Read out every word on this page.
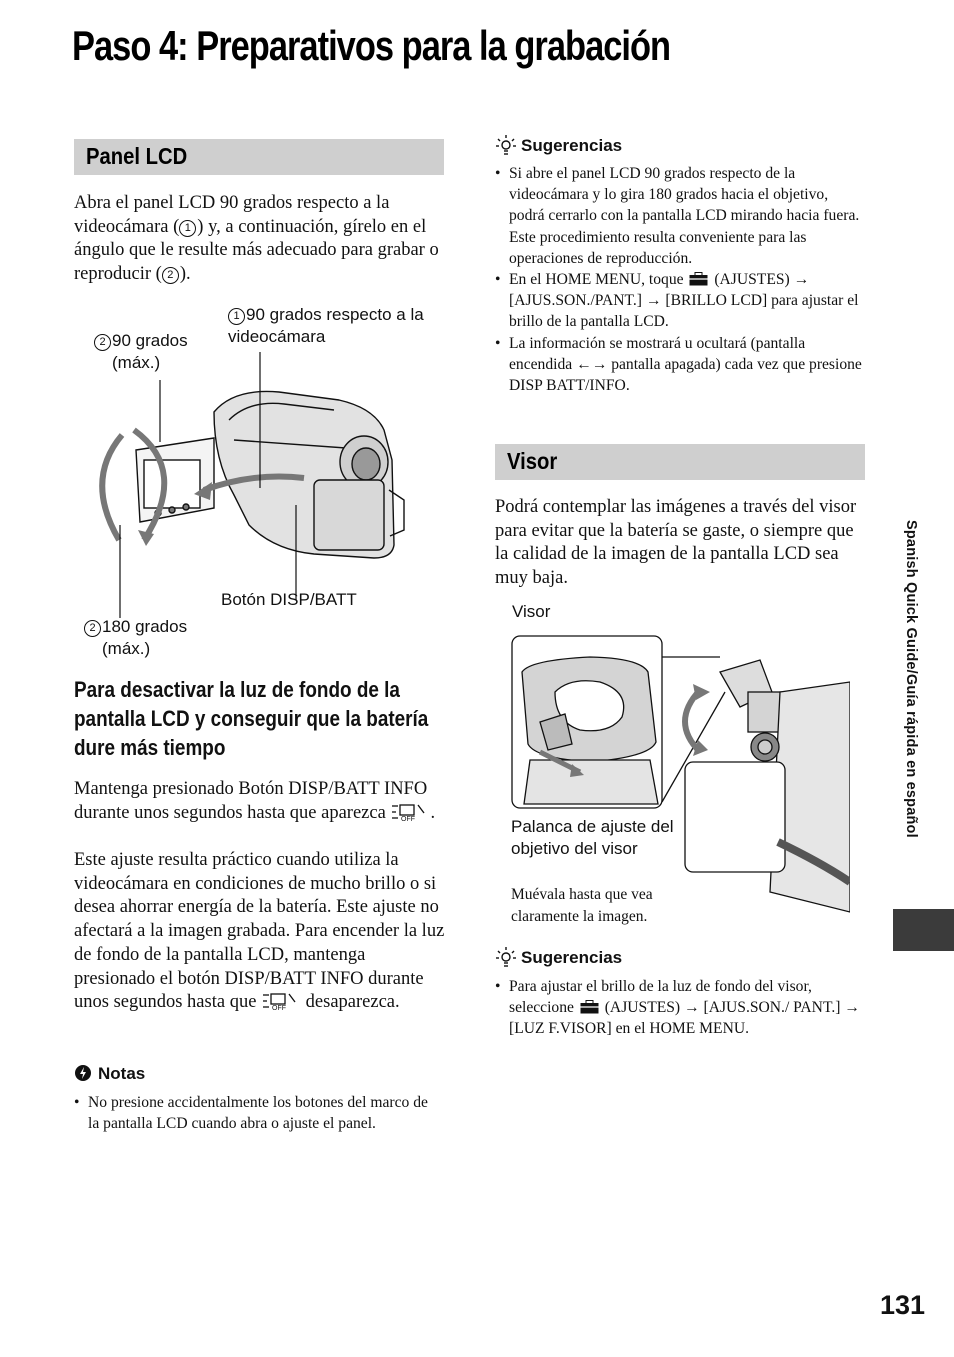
Paso 4: Preparativos para la grabación
Panel LCD
Abra el panel LCD 90 grados respecto a la videocámara ( 1 ) y, a continuación, gírelo en el ángulo que le resulte más adecuado para grabar o reproducir ( 2 ).
2 90 grados (máx.)
1 90 grados respecto a la videocámara
Botón DISP/BATT
2 180 grados (máx.)
Para desactivar la luz de fondo de la pantalla LCD y conseguir que la batería dure más tiempo
Mantenga presionado Botón DISP/BATT INFO durante unos segundos hasta que aparezca OFF .
Este ajuste resulta práctico cuando utiliza la videocámara en condiciones de mucho brillo o si desea ahorrar energía de la batería. Este ajuste no afectará a la imagen grabada. Para encender la luz de fondo de la pantalla LCD, mantenga presionado el botón DISP/BATT INFO durante unos segundos hasta que OFF desaparezca.
Notas
• No presione accidentalmente los botones del marco de la pantalla LCD cuando abra o ajuste el panel.
Sugerencias
• Si abre el panel LCD 90 grados respecto de la videocámara y lo gira 180 grados hacia el objetivo, podrá cerrarlo con la pantalla LCD mirando hacia fuera. Este procedimiento resulta conveniente para las operaciones de reproducción.
• En el HOME MENU, toque  (AJUSTES) → [AJUS.SON./PANT.] → [BRILLO LCD] para ajustar el brillo de la pantalla LCD.
• La información se mostrará u ocultará (pantalla encendida ←→ pantalla apagada) cada vez que presione DISP BATT/INFO.
Visor
Podrá contemplar las imágenes a través del visor para evitar que la batería se gaste, o siempre que la calidad de la imagen de la pantalla LCD sea muy baja.
Visor
Palanca de ajuste del objetivo del visor
Muévala hasta que vea claramente la imagen.
Sugerencias
• Para ajustar el brillo de la luz de fondo del visor, seleccione  (AJUSTES) → [AJUS.SON./ PANT.] → [LUZ F.VISOR] en el HOME MENU.
Spanish Quick Guide/Guía rápida en español
131
